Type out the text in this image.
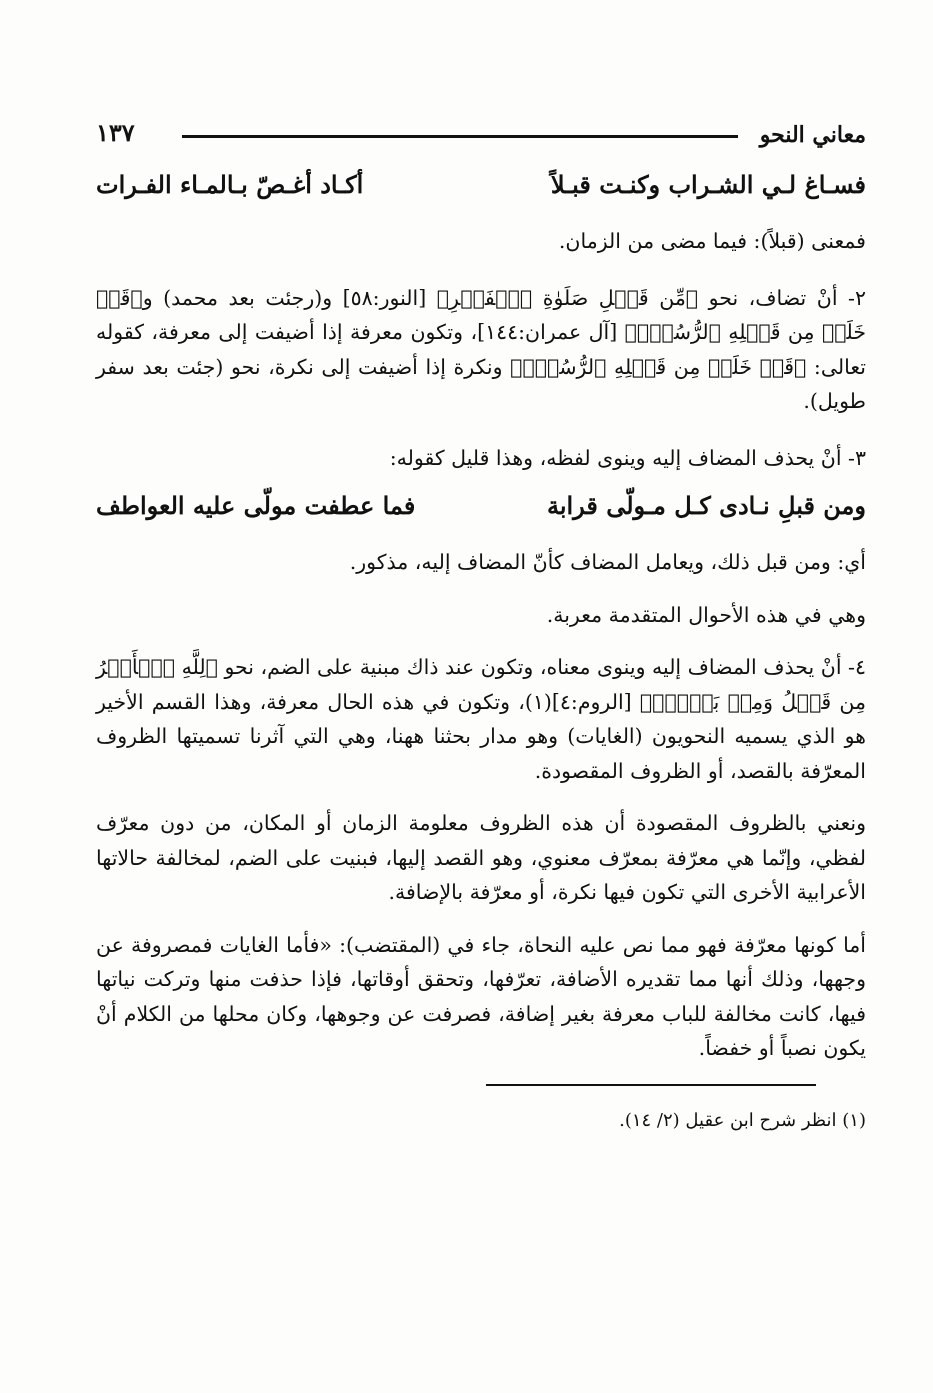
معاني النحو
١٣٧
فسـاغ لـي الشـراب وكنـت قبـلاً
أكـاد أغـصّ بـالمـاء الفـرات

فمعنى (قبلاً): فيما مضى من الزمان.

٢- أنْ تضاف، نحو ﴿مِّن قَبۡلِ صَلَوٰةِ ٱلۡفَجۡرِ﴾ [النور:٥٨] و(رجئت بعد محمد) و﴿قَدۡ خَلَتۡ مِن قَبۡلِهِ ٱلرُّسُلُۚ﴾ [آل عمران:١٤٤]، وتكون معرفة إذا أضيفت إلى معرفة، كقوله تعالى: ﴿قَدۡ خَلَتۡ مِن قَبۡلِهِ ٱلرُّسُلُۚ﴾ ونكرة إذا أضيفت إلى نكرة، نحو (جئت بعد سفر طويل).

٣- أنْ يحذف المضاف إليه وينوى لفظه، وهذا قليل كقوله:

ومن قبلِ نـادى كـل مـولّى قرابة
فما عطفت مولّى عليه العواطف

أي: ومن قبل ذلك، ويعامل المضاف كأنّ المضاف إليه، مذكور.

وهي في هذه الأحوال المتقدمة معربة.

٤- أنْ يحذف المضاف إليه وينوى معناه، وتكون عند ذاك مبنية على الضم، نحو ﴿لِلَّهِ ٱلۡأَمۡرُ مِن قَبۡلُ وَمِنۢ بَعۡدُۚ﴾ [الروم:٤](١)، وتكون في هذه الحال معرفة، وهذا القسم الأخير هو الذي يسميه النحويون (الغايات) وهو مدار بحثنا ههنا، وهي التي آثرنا تسميتها الظروف المعرّفة بالقصد، أو الظروف المقصودة.

ونعني بالظروف المقصودة أن هذه الظروف معلومة الزمان أو المكان، من دون معرّف لفظي، وإنّما هي معرّفة بمعرّف معنوي، وهو القصد إليها، فبنيت على الضم، لمخالفة حالاتها الأعرابية الأخرى التي تكون فيها نكرة، أو معرّفة بالإضافة.

أما كونها معرّفة فهو مما نص عليه النحاة، جاء في (المقتضب): «فأما الغايات فمصروفة عن وجهها، وذلك أنها مما تقديره الأضافة، تعرّفها، وتحقق أوقاتها، فإذا حذفت منها وتركت نياتها فيها، كانت مخالفة للباب معرفة بغير إضافة، فصرفت عن وجوهها، وكان محلها من الكلام أنْ يكون نصباً أو خفضاً.

(١) انظر شرح ابن عقيل (٢/ ١٤).
